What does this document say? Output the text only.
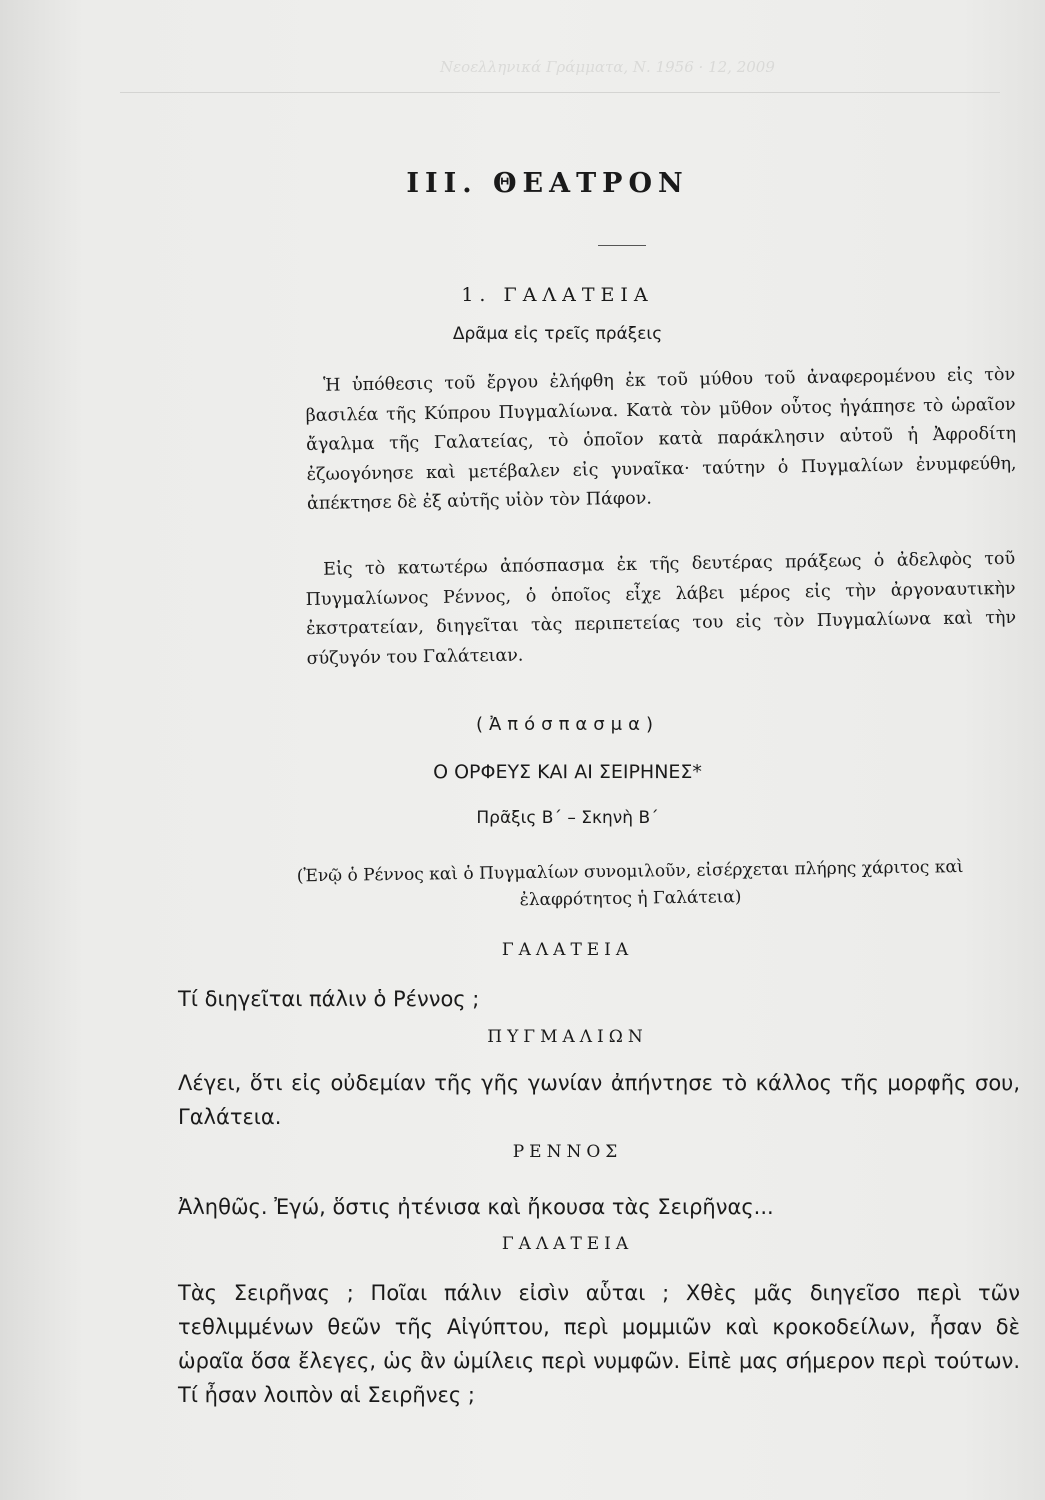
Νεοελληνικά Γράμματα, Ν. 1956 · 12, 2009
III. ΘΕΑΤΡΟΝ
1. ΓΑΛΑΤΕΙΑ
Δρᾶμα εἰς τρεῖς πράξεις

Ἡ ὑπόθεσις τοῦ ἔργου ἐλήφθη ἐκ τοῦ μύθου τοῦ ἀναφερομένου εἰς τὸν βασιλέα τῆς Κύπρου Πυγμαλίωνα. Κατὰ τὸν μῦθον οὗτος ἠγάπησε τὸ ὡραῖον ἄγαλμα τῆς Γαλατείας, τὸ ὁποῖον κατὰ παράκλησιν αὐτοῦ ἡ Ἀφροδίτη ἐζωογόνησε καὶ μετέβαλεν εἰς γυναῖκα· ταύτην ὁ Πυγμαλίων ἐνυμφεύθη, ἀπέκτησε δὲ ἐξ αὐτῆς υἱὸν τὸν Πάφον.

Εἰς τὸ κατωτέρω ἀπόσπασμα ἐκ τῆς δευτέρας πράξεως ὁ ἀδελφὸς τοῦ Πυγμαλίωνος Ρέννος, ὁ ὁποῖος εἶχε λάβει μέρος εἰς τὴν ἀργοναυτικὴν ἐκστρατείαν, διηγεῖται τὰς περιπετείας του εἰς τὸν Πυγμαλίωνα καὶ τὴν σύζυγόν του Γαλάτειαν.

(Ἀπόσπασμα)
Ο ΟΡΦΕΥΣ ΚΑΙ ΑΙ ΣΕΙΡΗΝΕΣ*
Πρᾶξις Β΄ – Σκηνὴ Β΄
(Ἐνῷ ὁ Ρέννος καὶ ὁ Πυγμαλίων συνομιλοῦν, εἰσέρχεται πλήρης χάριτος καὶ ἐλαφρότητος ἡ Γαλάτεια)
ΓΑΛΑΤΕΙΑ

Τί διηγεῖται πάλιν ὁ Ρέννος ;

ΠΥΓΜΑΛΙΩΝ

Λέγει, ὅτι εἰς οὐδεμίαν τῆς γῆς γωνίαν ἀπήντησε τὸ κάλλος τῆς μορφῆς σου, Γαλάτεια.

ΡΕΝΝΟΣ

Ἀληθῶς. Ἐγώ, ὅστις ἠτένισα καὶ ἤκουσα τὰς Σειρῆνας...

ΓΑΛΑΤΕΙΑ

Τὰς Σειρῆνας ; Ποῖαι πάλιν εἰσὶν αὗται ; Χθὲς μᾶς διηγεῖσο περὶ τῶν τεθλιμμένων θεῶν τῆς Αἰγύπτου, περὶ μομμιῶν καὶ κροκοδείλων, ἦσαν δὲ ὡραῖα ὅσα ἔλεγες, ὡς ἂν ὡμίλεις περὶ νυμφῶν. Εἰπὲ μας σήμερον περὶ τούτων. Τί ἦσαν λοιπὸν αἱ Σειρῆνες ;
